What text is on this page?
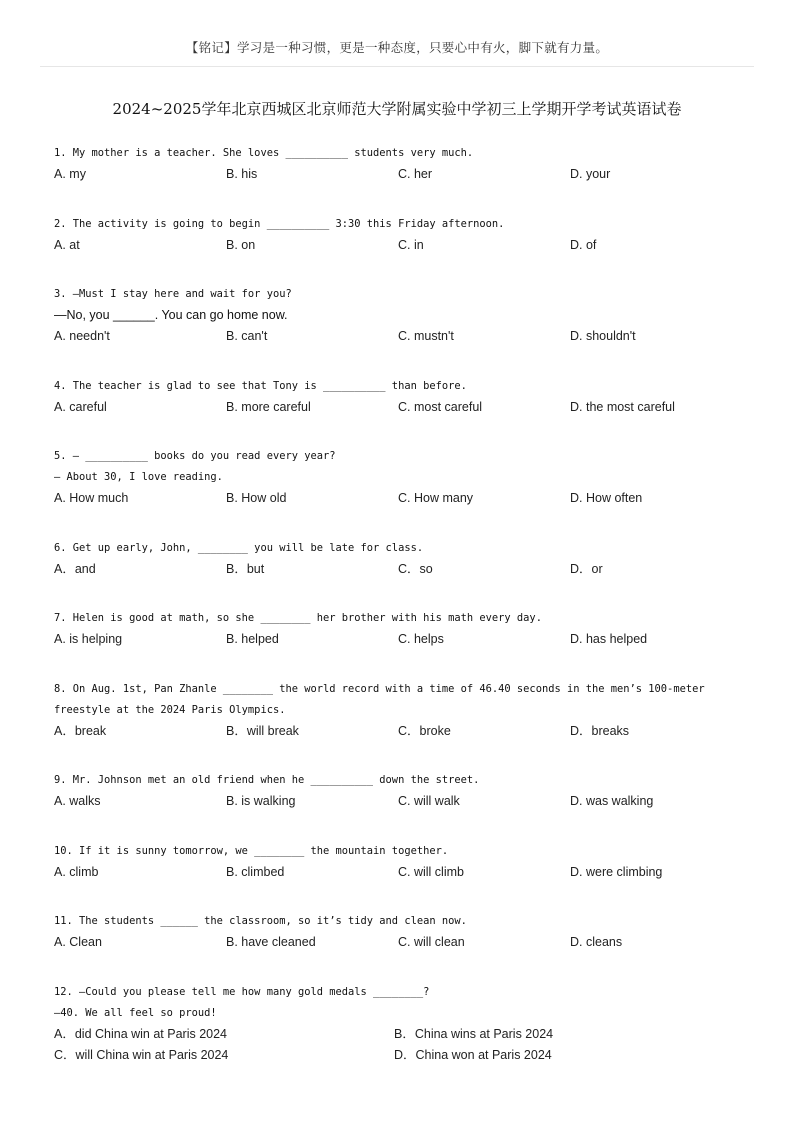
【铭记】学习是一种习惯，更是一种态度，只要心中有火，脚下就有力量。
2024~2025学年北京西城区北京师范大学附属实验中学初三上学期开学考试英语试卷
1. My mother is a teacher. She loves __________ students very much.
A. my	B. his	C. her	D. your
2. The activity is going to begin __________ 3:30 this Friday afternoon.
A. at	B. on	C. in	D. of
3. —Must I stay here and wait for you?
—No, you ______. You can go home now.
A. needn't	B. can't	C. mustn't	D. shouldn't
4. The teacher is glad to see that Tony is __________ than before.
A. careful	B. more careful	C. most careful	D. the most careful
5. — __________ books do you read every year?
— About 30, I love reading.
A. How much	B. How old	C. How many	D. How often
6. Get up early, John, ________ you will be late for class.
A．and	B．but	C．so	D．or
7. Helen is good at math, so she ________ her brother with his math every day.
A. is helping	B. helped	C. helps	D. has helped
8. On Aug. 1st, Pan Zhanle ________ the world record with a time of 46.40 seconds in the men’s 100-meter
freestyle at the 2024 Paris Olympics.
A．break	B．will break	C．broke	D．breaks
9. Mr. Johnson met an old friend when he __________ down the street.
A. walks	B. is walking	C. will walk	D. was walking
10. If it is sunny tomorrow, we ________ the mountain together.
A. climb	B. climbed	C. will climb	D. were climbing
11. The students ______ the classroom, so it’s tidy and clean now.
A. Clean	B. have cleaned	C. will clean	D. cleans
12. —Could you please tell me how many gold medals ________?
—40. We all feel so proud!
A．did China win at Paris 2024	B．China wins at Paris 2024
C．will China win at Paris 2024	D．China won at Paris 2024
